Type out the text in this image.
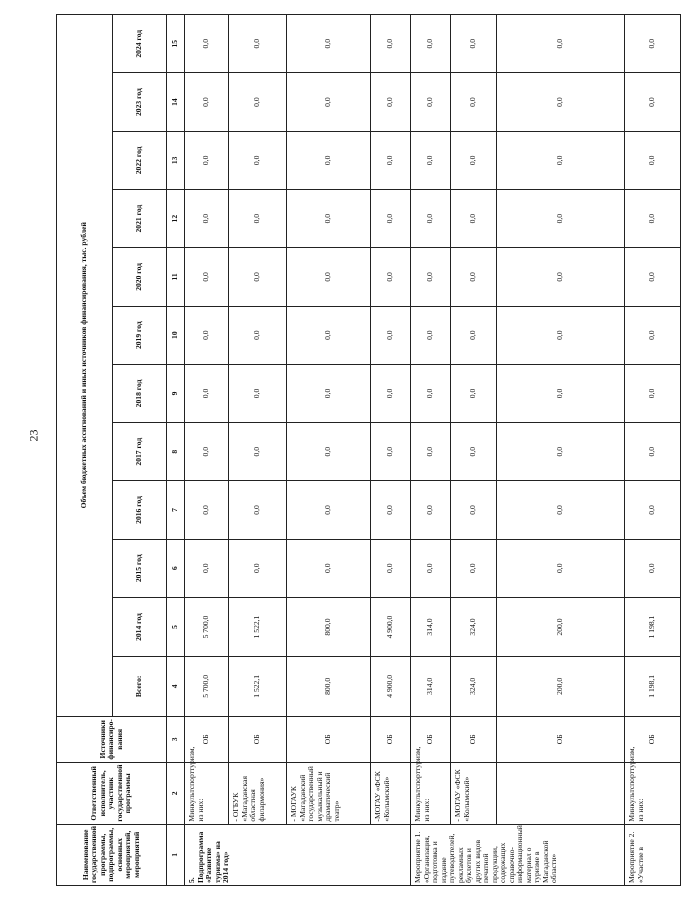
23
Наименование государственной программы, подпрограммы, основных мероприятий, мероприятий	Ответственный исполнитель, участник государственной программы	Источники финансиро-вания	Объем бюджетных ассигнований и иных источников финансирования, тыс. рублей											
			Всего:	2014 год	2015 год	2016 год	2017 год	2018 год	2019 год	2020 год	2021 год	2022 год	2023 год	2024 год
1	2	3	4	5	6	7	8	9	10	11	12	13	14	15
5. Подпрограмма «Развитие туризма» на 2014 год»	Минкультспорттуризм, из них:	ОБ	5 700,0	5 700,0	0,0	0,0	0,0	0,0	0,0	0,0	0,0	0,0	0,0	0,0
	- ОГБУК «Магаданская областная филармония»	ОБ	1 522,1	1 522,1	0,0	0,0	0,0	0,0	0,0	0,0	0,0	0,0	0,0	0,0
	- МОГАУК «Магаданский государственный музыкальный и драматический театр»	ОБ	800,0	800,0	0,0	0,0	0,0	0,0	0,0	0,0	0,0	0,0	0,0	0,0
	-МОГАУ «ФСК «Колымский»	ОБ	4 900,0	4 900,0	0,0	0,0	0,0	0,0	0,0	0,0	0,0	0,0	0,0	0,0
Мероприятие 1. «Организация, подготовка и издание путеводителей, рекламных буклетов и других видов печатной продукции, содержащих справочно-информационный материал о туризме в Магаданской области»	Минкультспорттуризм, из них:	ОБ	314,0	314,0	0,0	0,0	0,0	0,0	0,0	0,0	0,0	0,0	0,0	0,0
	- МОГАУ «ФСК «Колымский»	ОБ	324,0	324,0	0,0	0,0	0,0	0,0	0,0	0,0	0,0	0,0	0,0	0,0
		ОБ	200,0	200,0	0,0	0,0	0,0	0,0	0,0	0,0	0,0	0,0	0,0	0,0
Мероприятие 2. «Участие в	Минкультспорттуризм, из них:	ОБ	1 198,1	1 198,1	0,0	0,0	0,0	0,0	0,0	0,0	0,0	0,0	0,0	0,0
